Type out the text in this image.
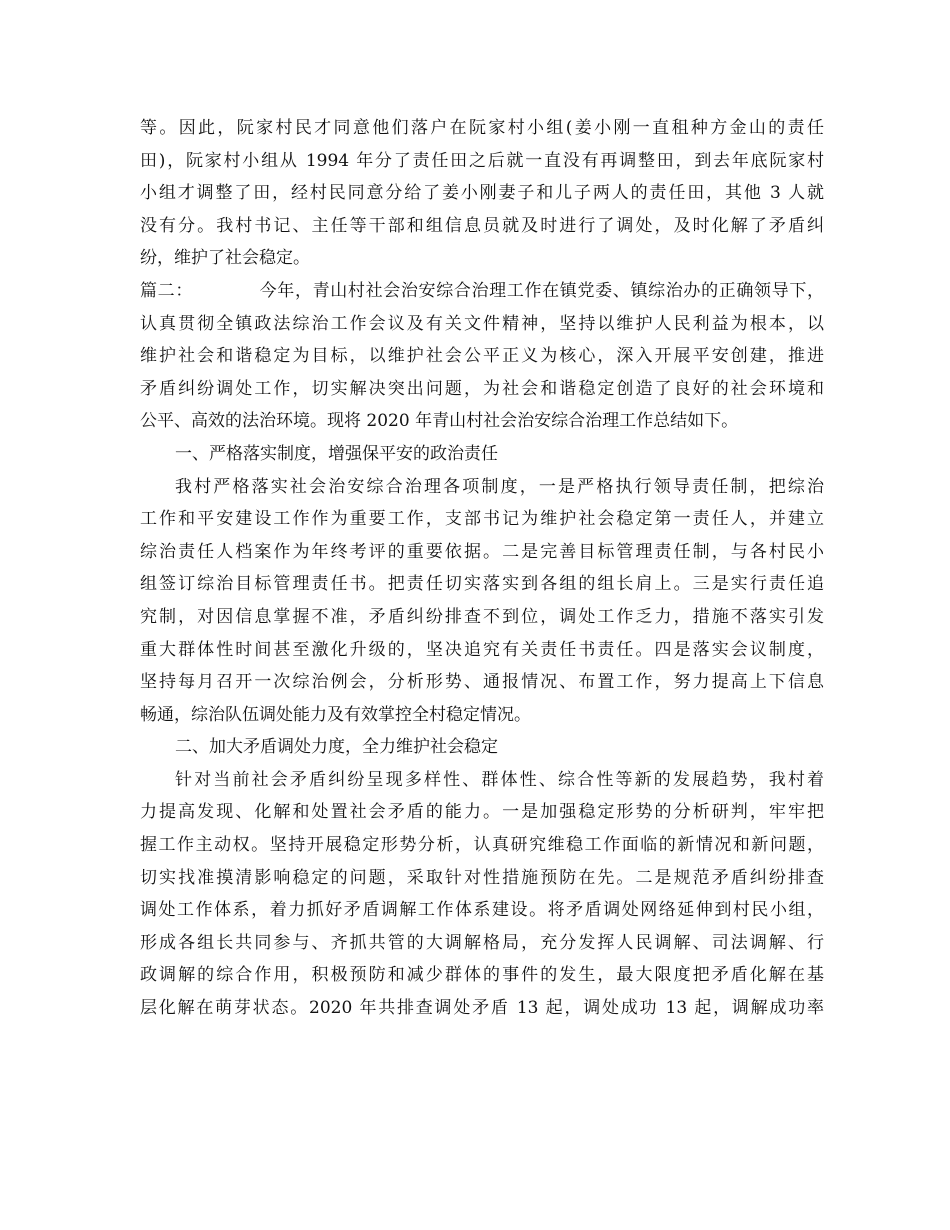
等。因此，阮家村民才同意他们落户在阮家村小组(姜小刚一直租种方金山的责任
田)，阮家村小组从 1994 年分了责任田之后就一直没有再调整田，到去年底阮家村
小组才调整了田，经村民同意分给了姜小刚妻子和儿子两人的责任田，其他 3 人就
没有分。我村书记、主任等干部和组信息员就及时进行了调处，及时化解了矛盾纠
纷，维护了社会稳定。
篇二：	今年，青山村社会治安综合治理工作在镇党委、镇综治办的正确领导下，
认真贯彻全镇政法综治工作会议及有关文件精神，坚持以维护人民利益为根本，以
维护社会和谐稳定为目标，以维护社会公平正义为核心，深入开展平安创建，推进
矛盾纠纷调处工作，切实解决突出问题，为社会和谐稳定创造了良好的社会环境和
公平、高效的法治环境。现将 2020 年青山村社会治安综合治理工作总结如下。
一、严格落实制度，增强保平安的政治责任
我村严格落实社会治安综合治理各项制度，一是严格执行领导责任制，把综治
工作和平安建设工作作为重要工作，支部书记为维护社会稳定第一责任人，并建立
综治责任人档案作为年终考评的重要依据。二是完善目标管理责任制，与各村民小
组签订综治目标管理责任书。把责任切实落实到各组的组长肩上。三是实行责任追
究制，对因信息掌握不准，矛盾纠纷排查不到位，调处工作乏力，措施不落实引发
重大群体性时间甚至激化升级的，坚决追究有关责任书责任。四是落实会议制度，
坚持每月召开一次综治例会，分析形势、通报情况、布置工作，努力提高上下信息
畅通，综治队伍调处能力及有效掌控全村稳定情况。
二、加大矛盾调处力度，全力维护社会稳定
针对当前社会矛盾纠纷呈现多样性、群体性、综合性等新的发展趋势，我村着
力提高发现、化解和处置社会矛盾的能力。一是加强稳定形势的分析研判，牢牢把
握工作主动权。坚持开展稳定形势分析，认真研究维稳工作面临的新情况和新问题，
切实找准摸清影响稳定的问题，采取针对性措施预防在先。二是规范矛盾纠纷排查
调处工作体系，着力抓好矛盾调解工作体系建设。将矛盾调处网络延伸到村民小组，
形成各组长共同参与、齐抓共管的大调解格局，充分发挥人民调解、司法调解、行
政调解的综合作用，积极预防和减少群体的事件的发生，最大限度把矛盾化解在基
层化解在萌芽状态。2020 年共排查调处矛盾 13 起，调处成功 13 起，调解成功率
